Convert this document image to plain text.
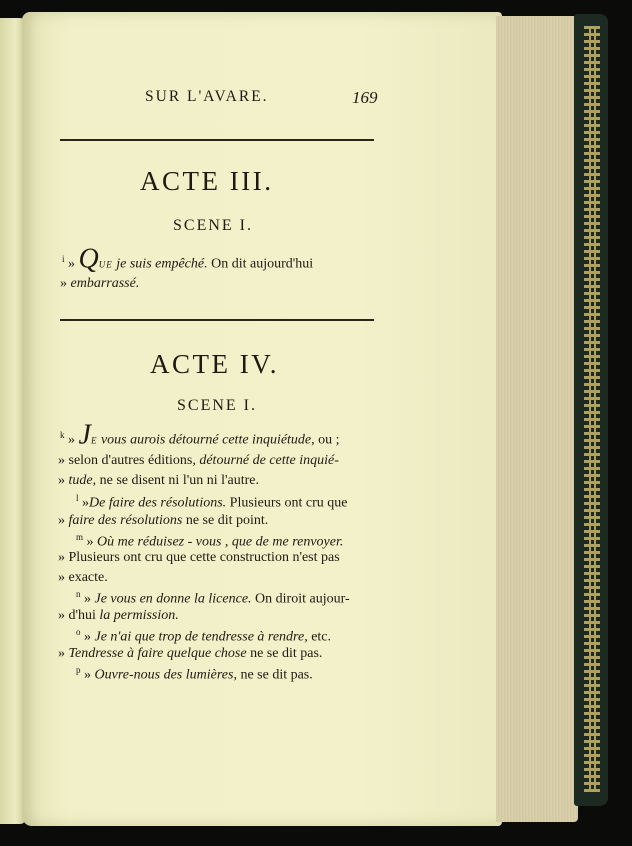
SUR L'AVARE.	169
ACTE III.
SCENE I.
$^i$ » QUE je suis empêché. On dit aujourd'hui
» embarrassé.
ACTE IV.
SCENE I.
$^k$ » JE vous aurois détourné cette inquiétude, ou ;
» selon d'autres éditions, détourné de cette inquié-
» tude, ne se disent ni l'un ni l'autre.
$^l$ »De faire des résolutions. Plusieurs ont cru que
» faire des résolutions ne se dit point.
$^m$ » Où me réduisez - vous , que de me renvoyer.
» Plusieurs ont cru que cette construction n'est pas
» exacte.
$^n$ » Je vous en donne la licence. On diroit aujour-
» d'hui la permission.
$^o$ » Je n'ai que trop de tendresse à rendre, etc.
» Tendresse à faire quelque chose ne se dit pas.
$^p$ » Ouvre-nous des lumières, ne se dit pas.
